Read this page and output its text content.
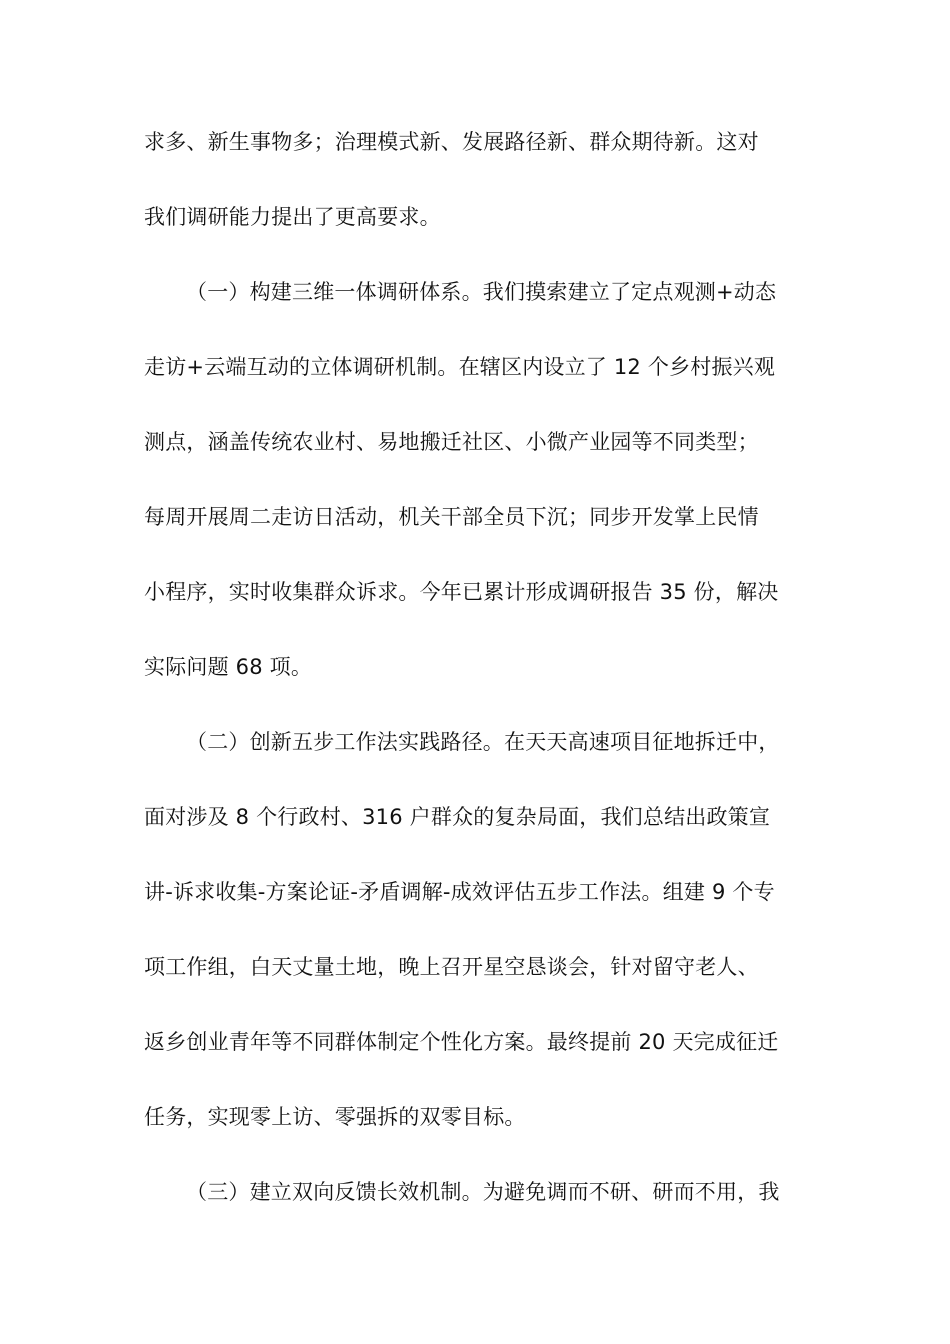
求多、新生事物多；治理模式新、发展路径新、群众期待新。这对
我们调研能力提出了更高要求。
（一）构建三维一体调研体系。我们摸索建立了定点观测+动态
走访+云端互动的立体调研机制。在辖区内设立了 12 个乡村振兴观
测点，涵盖传统农业村、易地搬迁社区、小微产业园等不同类型；
每周开展周二走访日活动，机关干部全员下沉；同步开发掌上民情
小程序，实时收集群众诉求。今年已累计形成调研报告 35 份，解决
实际问题 68 项。
（二）创新五步工作法实践路径。在天天高速项目征地拆迁中，
面对涉及 8 个行政村、316 户群众的复杂局面，我们总结出政策宣
讲-诉求收集-方案论证-矛盾调解-成效评估五步工作法。组建 9 个专
项工作组，白天丈量土地，晚上召开星空恳谈会，针对留守老人、
返乡创业青年等不同群体制定个性化方案。最终提前 20 天完成征迁
任务，实现零上访、零强拆的双零目标。
（三）建立双向反馈长效机制。为避免调而不研、研而不用，我
